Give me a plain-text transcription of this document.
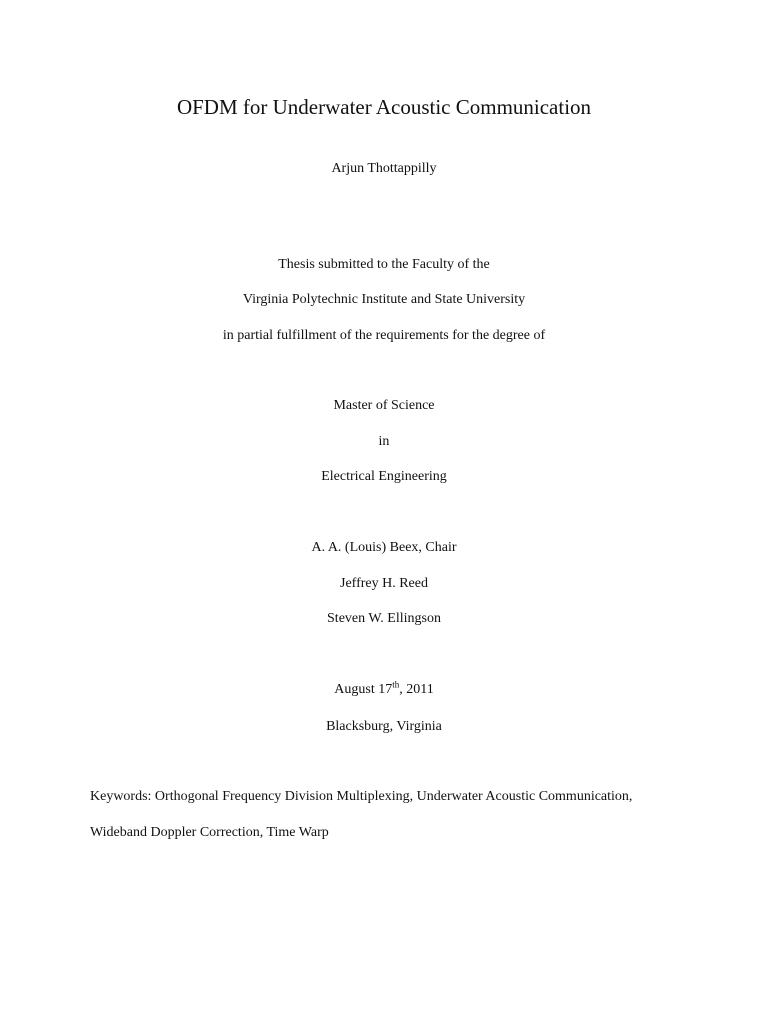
OFDM for Underwater Acoustic Communication
Arjun Thottappilly
Thesis submitted to the Faculty of the
Virginia Polytechnic Institute and State University
in partial fulfillment of the requirements for the degree of
Master of Science
in
Electrical Engineering
A. A. (Louis) Beex, Chair
Jeffrey H. Reed
Steven W. Ellingson
August 17th, 2011
Blacksburg, Virginia
Keywords: Orthogonal Frequency Division Multiplexing, Underwater Acoustic Communication,
Wideband Doppler Correction, Time Warp
